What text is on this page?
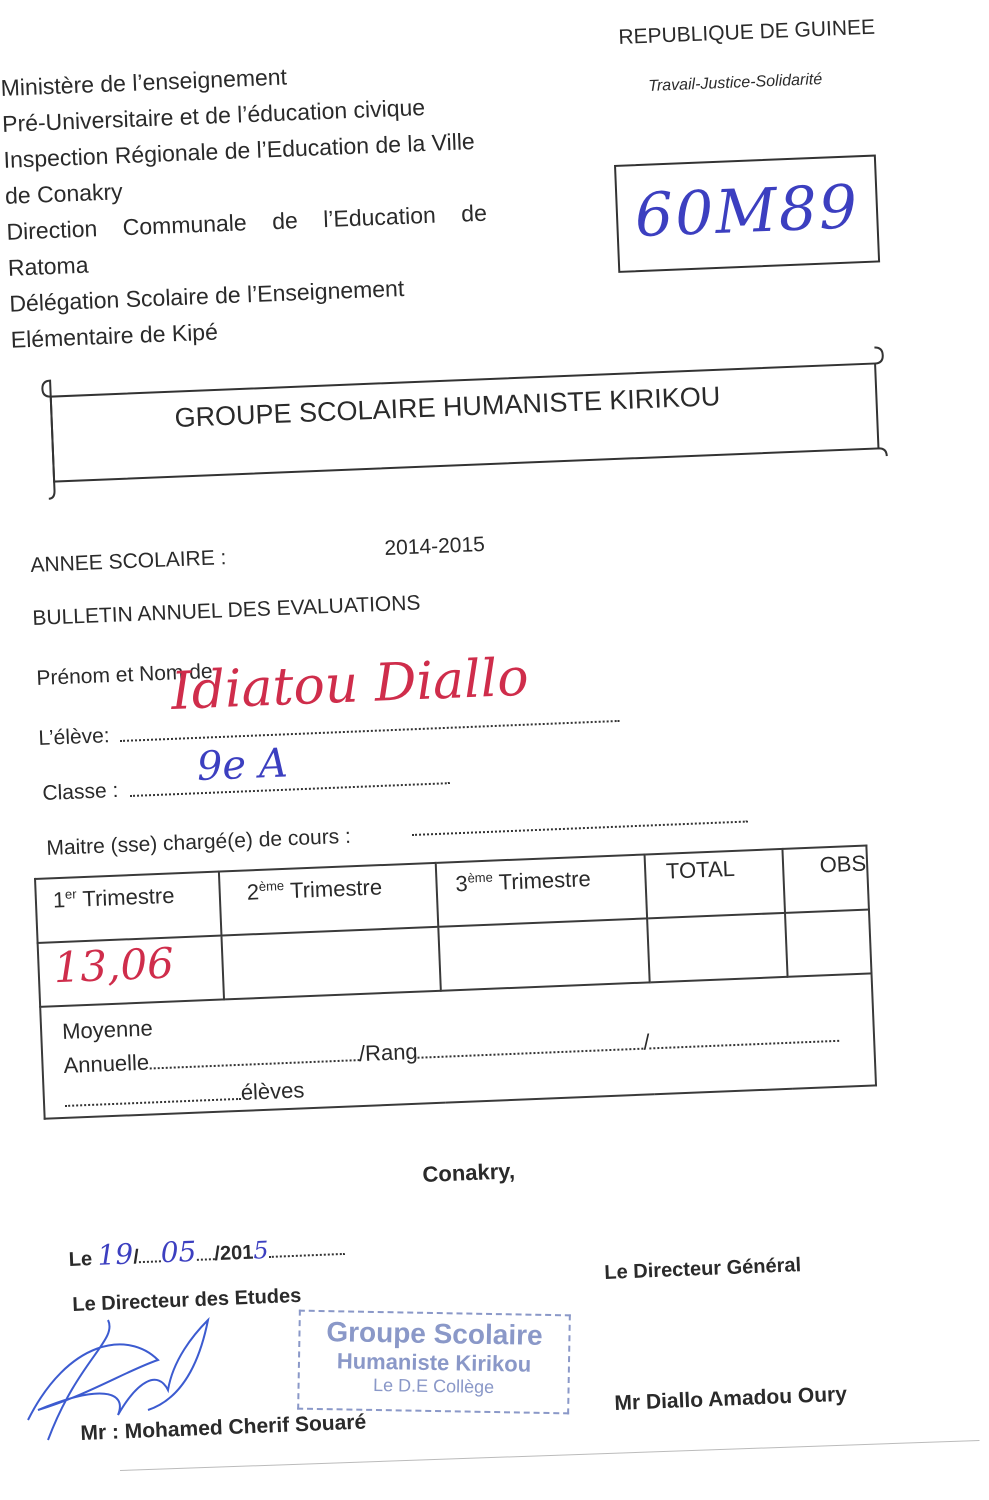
REPUBLIQUE DE GUINEE
Travail-Justice-Solidarité
60M89
Ministère de l’enseignement
Pré-Universitaire et de l’éducation civique
Inspection Régionale de l’Education de la Ville
de Conakry
Direction    Communale    de    l’Education    de
Ratoma
Délégation Scolaire de l’Enseignement
Elémentaire de Kipé
GROUPE SCOLAIRE HUMANISTE KIRIKOU
ANNEE SCOLAIRE :	2014-2015
BULLETIN ANNUEL DES EVALUATIONS
Prénom et Nom de
L’élève:
Idiatou Diallo
Classe :
9e A
Maitre (sse) chargé(e) de cours :
1er Trimestre	2ème Trimestre	3ème Trimestre	TOTAL	OBS
13,06				

Moyenne
Annuelle /Rang /
élèves				
Conakry,
Le 19/ 05 /2015
Le Directeur des Etudes
Le Directeur Général
Groupe Scolaire
Humaniste Kirikou
Le D.E Collège
Mr : Mohamed Cherif Souaré
Mr Diallo Amadou Oury
